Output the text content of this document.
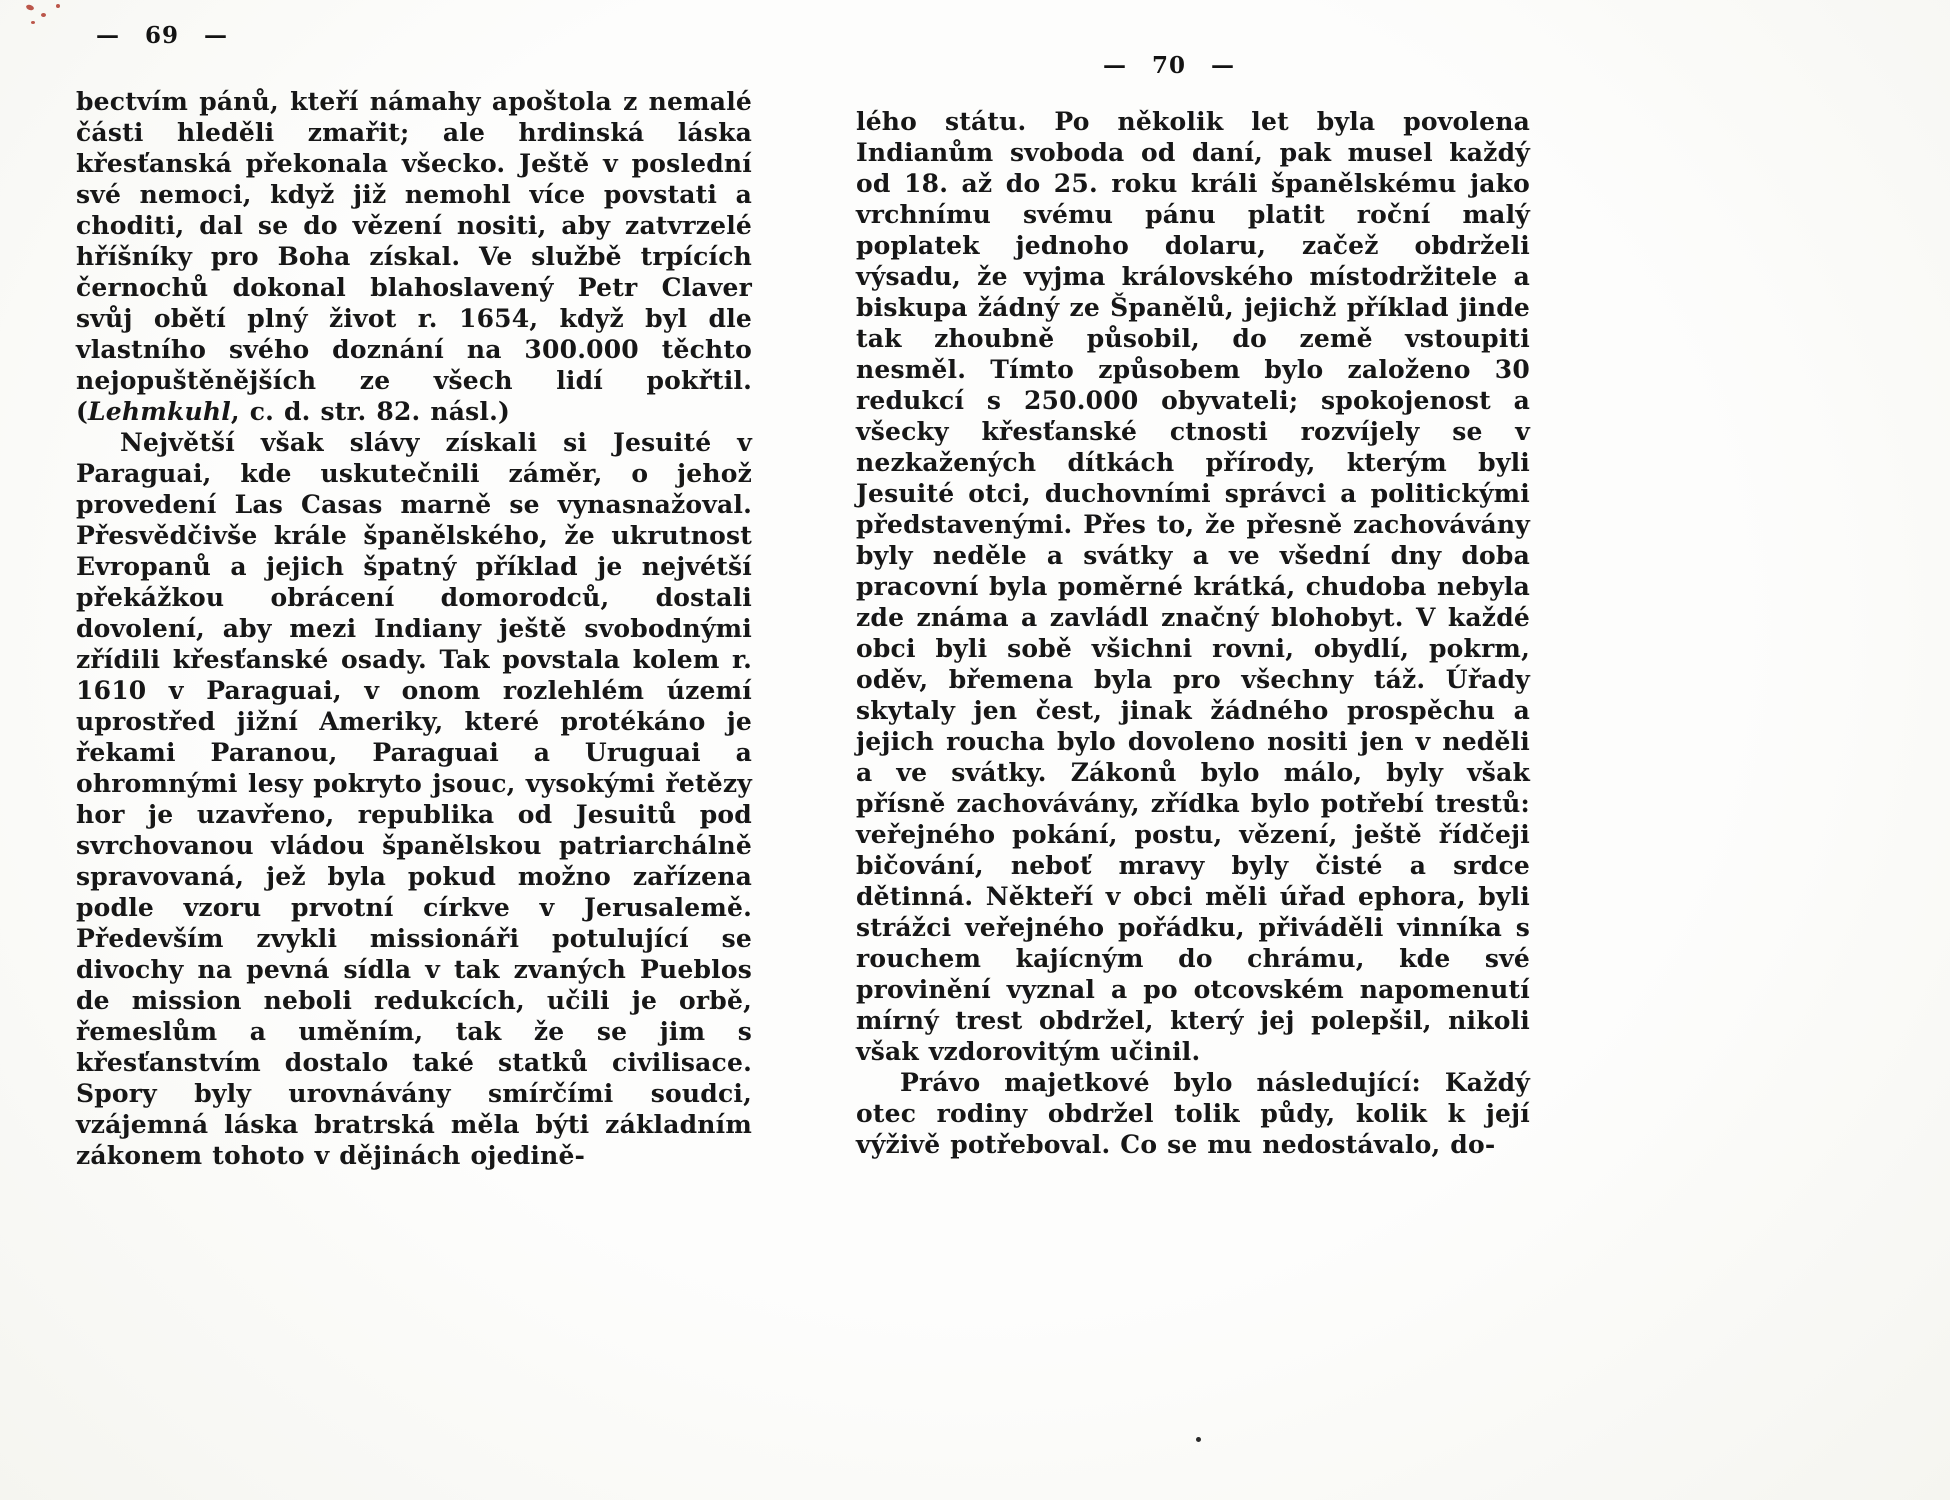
— 69 —
— 70 —

bectvím pánů, kteří námahy apoštola z nemalé části hleděli zmařit; ale hrdinská láska křesťanská překonala všecko. Ještě v poslední své nemoci, když již nemohl více povstati a choditi, dal se do vězení nositi, aby zatvrzelé hříšníky pro Boha získal. Ve službě trpících černochů dokonal blahoslavený Petr Claver svůj obětí plný život r. 1654, když byl dle vlastního svého doznání na 300.000 těchto nejopuštěnějších ze všech lidí pokřtil. (Lehmkuhl, c. d. str. 82. násl.)

Největší však slávy získali si Jesuité v Paraguai, kde uskutečnili záměr, o jehož provedení Las Casas marně se vynasnažoval. Přesvědčivše krále španělského, že ukrutnost Evropanů a jejich špatný příklad je nejvétší překážkou obrácení domorodců, dostali dovolení, aby mezi Indiany ještě svobodnými zřídili křesťanské osady. Tak povstala kolem r. 1610 v Paraguai, v onom rozlehlém území uprostřed jižní Ameriky, které protékáno je řekami Paranou, Paraguai a Uruguai a ohromnými lesy pokryto jsouc, vysokými řetězy hor je uzavřeno, republika od Jesuitů pod svrchovanou vládou španělskou patriarchálně spravovaná, jež byla pokud možno zařízena podle vzoru prvotní církve v Jerusalemě. Především zvykli missionáři potulující se divochy na pevná sídla v tak zvaných Pueblos de mission neboli redukcích, učili je orbě, řemeslům a uměním, tak že se jim s křesťanstvím dostalo také statků civilisace. Spory byly urovnávány smírčími soudci, vzájemná láska bratrská měla býti základním zákonem tohoto v dějinách ojedině-

lého státu. Po několik let byla povolena Indianům svoboda od daní, pak musel každý od 18. až do 25. roku králi španělskému jako vrchnímu svému pánu platit roční malý poplatek jednoho dolaru, začež obdrželi výsadu, že vyjma královského místodržitele a biskupa žádný ze Španělů, jejichž příklad jinde tak zhoubně působil, do země vstoupiti nesměl. Tímto způsobem bylo založeno 30 redukcí s 250.000 obyvateli; spokojenost a všecky křesťanské ctnosti rozvíjely se v nezkažených dítkách přírody, kterým byli Jesuité otci, duchovními správci a politickými představenými. Přes to, že přesně zachovávány byly neděle a svátky a ve všední dny doba pracovní byla poměrné krátká, chudoba nebyla zde známa a zavládl značný blohobyt. V každé obci byli sobě všichni rovni, obydlí, pokrm, oděv, břemena byla pro všechny táž. Úřady skytaly jen čest, jinak žádného prospěchu a jejich roucha bylo dovoleno nositi jen v neděli a ve svátky. Zákonů bylo málo, byly však přísně zachovávány, zřídka bylo potřebí trestů: veřejného pokání, postu, vězení, ještě řídčeji bičování, neboť mravy byly čisté a srdce dětinná. Někteří v obci měli úřad ephora, byli strážci veřejného pořádku, přiváděli vinníka s rouchem kajícným do chrámu, kde své provinění vyznal a po otcovském napomenutí mírný trest obdržel, který jej polepšil, nikoli však vzdorovitým učinil.

Právo majetkové bylo následující: Každý otec rodiny obdržel tolik půdy, kolik k její výživě potřeboval. Co se mu nedostávalo, do-
